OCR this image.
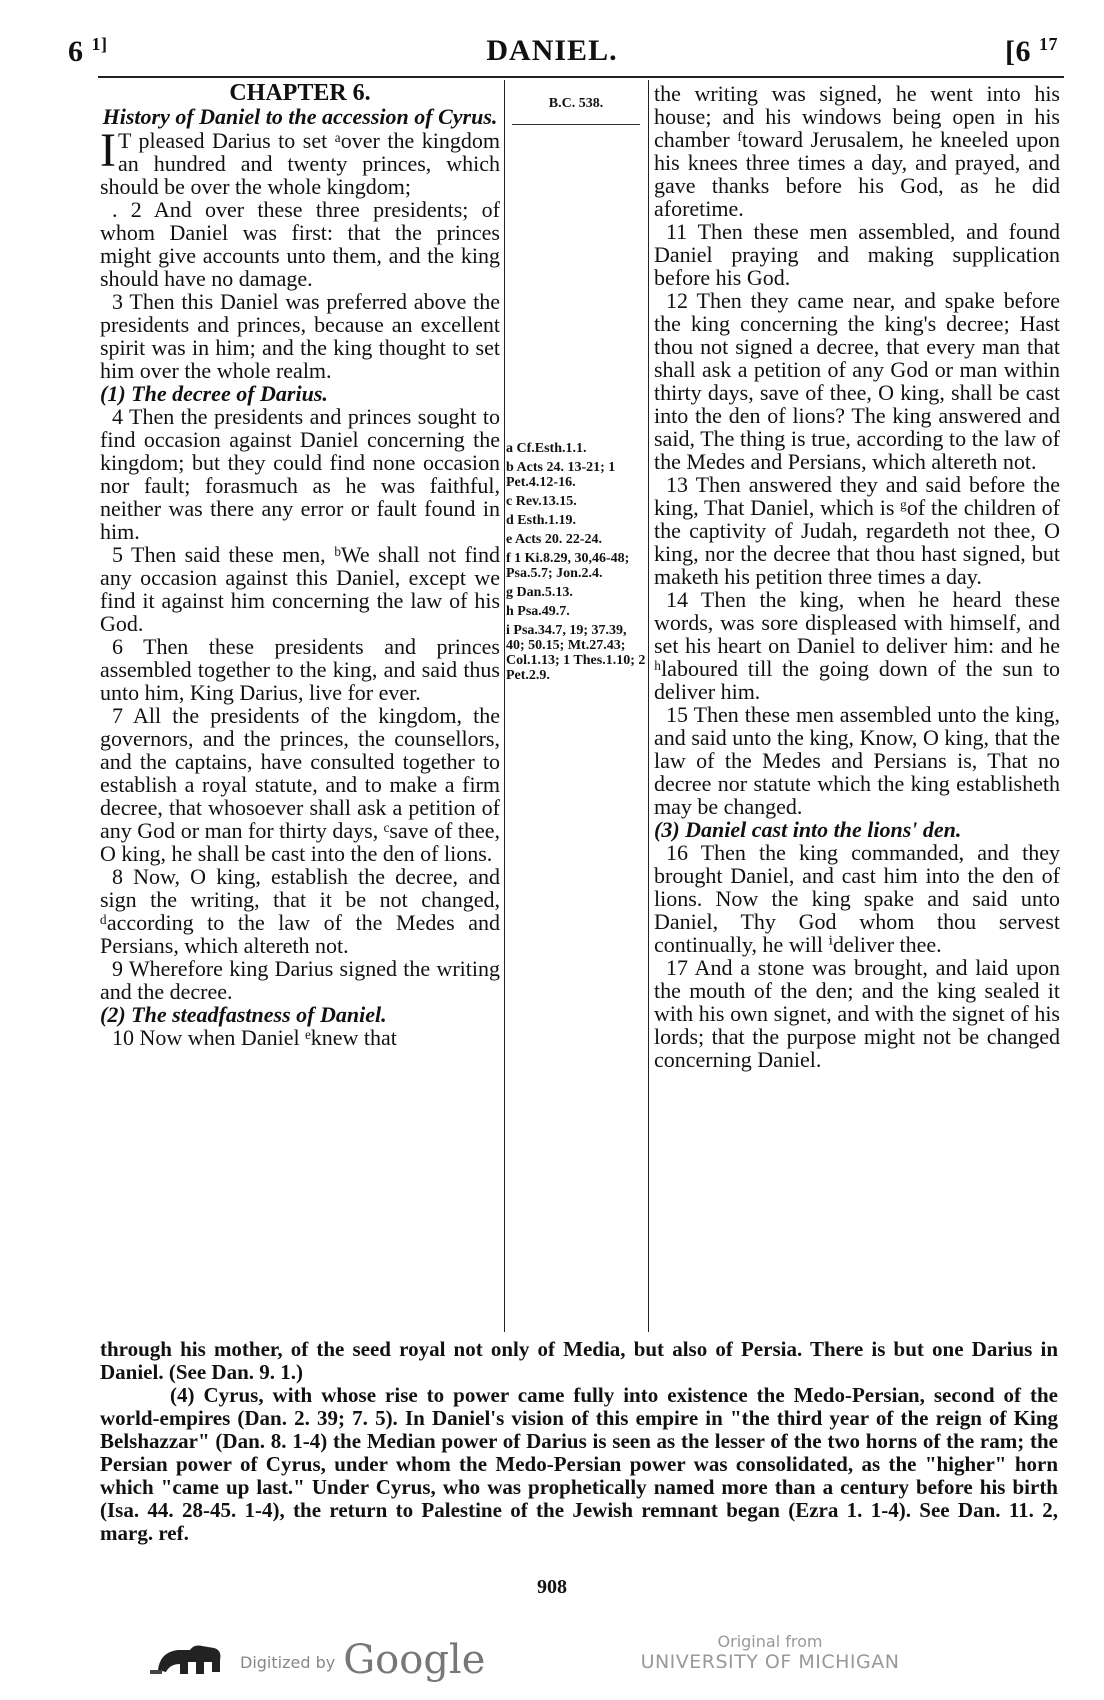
6 $^{1]}$	DANIEL.	[6 $^{17}$

CHAPTER 6.

History of Daniel to the accession of Cyrus.

I T pleased Darius to set ᵃover the kingdom an hundred and twenty princes, which should be over the whole kingdom;

. 2 And over these three presidents; of whom Daniel was first: that the princes might give accounts unto them, and the king should have no damage.

3 Then this Daniel was preferred above the presidents and princes, because an excellent spirit was in him; and the king thought to set him over the whole realm.

(1) The decree of Darius.

4 Then the presidents and princes sought to find occasion against Daniel concerning the kingdom; but they could find none occasion nor fault; forasmuch as he was faithful, neither was there any error or fault found in him.

5 Then said these men, ᵇWe shall not find any occasion against this Daniel, except we find it against him concerning the law of his God.

6 Then these presidents and princes assembled together to the king, and said thus unto him, King Darius, live for ever.

7 All the presidents of the kingdom, the governors, and the princes, the counsellors, and the captains, have consulted together to establish a royal statute, and to make a firm decree, that whosoever shall ask a petition of any God or man for thirty days, ᶜsave of thee, O king, he shall be cast into the den of lions.

8 Now, O king, establish the decree, and sign the writing, that it be not changed, ᵈaccording to the law of the Medes and Persians, which altereth not.

9 Wherefore king Darius signed the writing and the decree.

(2) The steadfastness of Daniel.

10 Now when Daniel ᵉknew that

B.C. 538.
a Cf.Esth.1.1.
b Acts 24. 13-21; 1 Pet.4.12-16.
c Rev.13.15.
d Esth.1.19.
e Acts 20. 22-24.
f 1 Ki.8.29, 30,46-48; Psa.5.7; Jon.2.4.
g Dan.5.13.
h Psa.49.7.
i Psa.34.7, 19; 37.39, 40; 50.15; Mt.27.43; Col.1.13; 1 Thes.1.10; 2 Pet.2.9.

the writing was signed, he went into his house; and his windows being open in his chamber ᶠtoward Jerusalem, he kneeled upon his knees three times a day, and prayed, and gave thanks before his God, as he did aforetime.

11 Then these men assembled, and found Daniel praying and making supplication before his God.

12 Then they came near, and spake before the king concerning the king's decree; Hast thou not signed a decree, that every man that shall ask a petition of any God or man within thirty days, save of thee, O king, shall be cast into the den of lions? The king answered and said, The thing is true, according to the law of the Medes and Persians, which altereth not.

13 Then answered they and said before the king, That Daniel, which is ᵍof the children of the captivity of Judah, regardeth not thee, O king, nor the decree that thou hast signed, but maketh his petition three times a day.

14 Then the king, when he heard these words, was sore displeased with himself, and set his heart on Daniel to deliver him: and he ʰlaboured till the going down of the sun to deliver him.

15 Then these men assembled unto the king, and said unto the king, Know, O king, that the law of the Medes and Persians is, That no decree nor statute which the king establisheth may be changed.

(3) Daniel cast into the lions' den.

16 Then the king commanded, and they brought Daniel, and cast him into the den of lions. Now the king spake and said unto Daniel, Thy God whom thou servest continually, he will ⁱdeliver thee.

17 And a stone was brought, and laid upon the mouth of the den; and the king sealed it with his own signet, and with the signet of his lords; that the purpose might not be changed concerning Daniel.

through his mother, of the seed royal not only of Media, but also of Persia. There is but one Darius in Daniel. (See Dan. 9. 1.)

(4) Cyrus, with whose rise to power came fully into existence the Medo-Persian, second of the world-empires (Dan. 2. 39; 7. 5). In Daniel's vision of this empire in "the third year of the reign of King Belshazzar" (Dan. 8. 1-4) the Median power of Darius is seen as the lesser of the two horns of the ram; the Persian power of Cyrus, under whom the Medo-Persian power was consolidated, as the "higher" horn which "came up last." Under Cyrus, who was prophetically named more than a century before his birth (Isa. 44. 28-45. 1-4), the return to Palestine of the Jewish remnant began (Ezra 1. 1-4). See Dan. 11. 2, marg. ref.

908
Digitized by Google	Original from
UNIVERSITY OF MICHIGAN
